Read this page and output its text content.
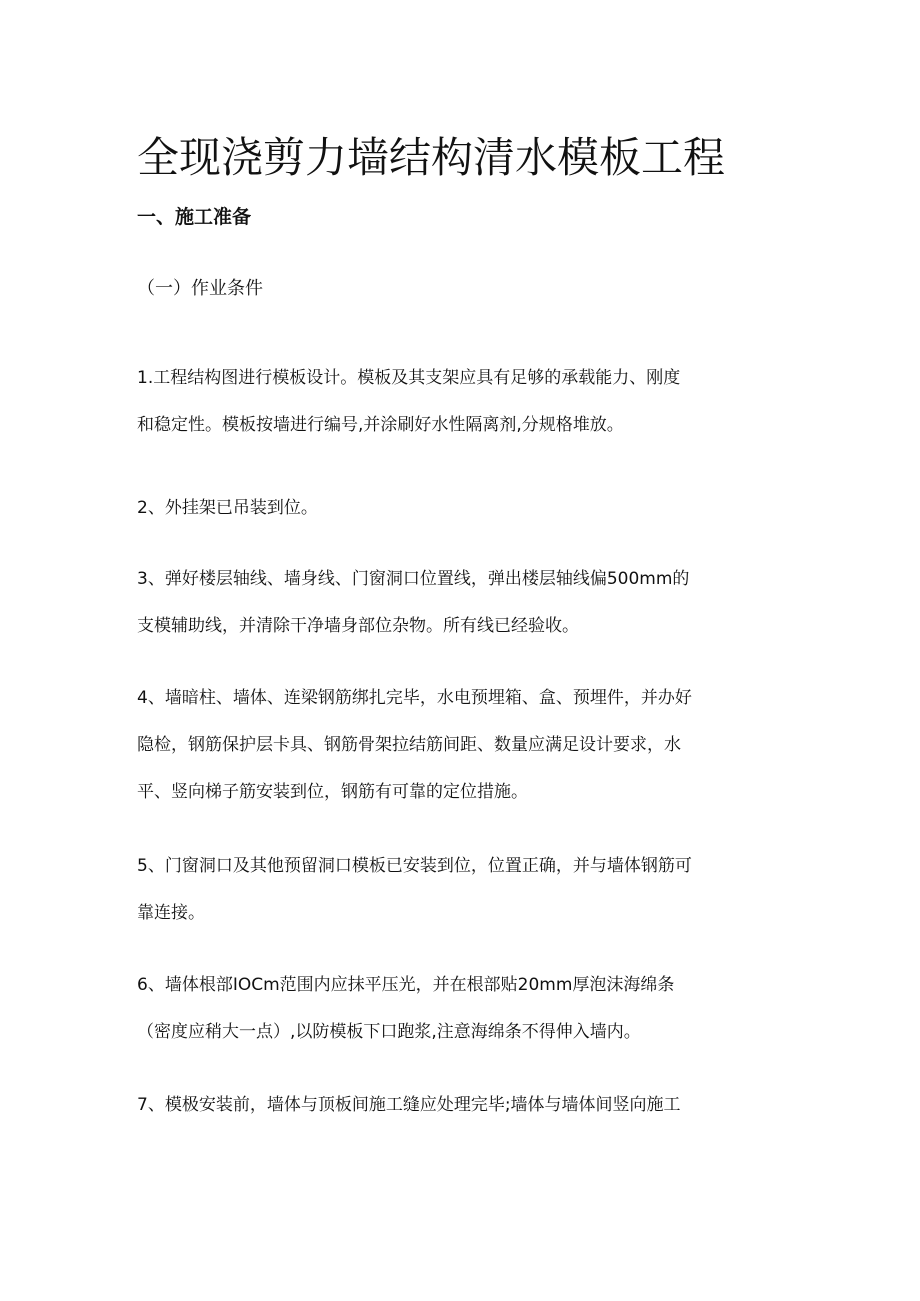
全现浇剪力墙结构清水模板工程
一、施工准备
（一）作业条件
1.工程结构图进行模板设计。模板及其支架应具有足够的承载能力、刚度
和稳定性。模板按墙进行编号,并涂刷好水性隔离剂,分规格堆放。
2、外挂架已吊装到位。
3、弹好楼层轴线、墙身线、门窗洞口位置线，弹出楼层轴线偏500mm的
支模辅助线，并清除干净墙身部位杂物。所有线已经验收。
4、墙暗柱、墙体、连梁钢筋绑扎完毕，水电预埋箱、盒、预埋件，并办好
隐检，钢筋保护层卡具、钢筋骨架拉结筋间距、数量应满足设计要求，水
平、竖向梯子筋安装到位，钢筋有可靠的定位措施。
5、门窗洞口及其他预留洞口模板已安装到位，位置正确，并与墙体钢筋可
靠连接。
6、墙体根部IOCm范围内应抹平压光，并在根部贴20mm厚泡沫海绵条
（密度应稍大一点）,以防模板下口跑浆,注意海绵条不得伸入墙内。
7、模极安装前，墙体与顶板间施工缝应处理完毕;墙体与墙体间竖向施工
